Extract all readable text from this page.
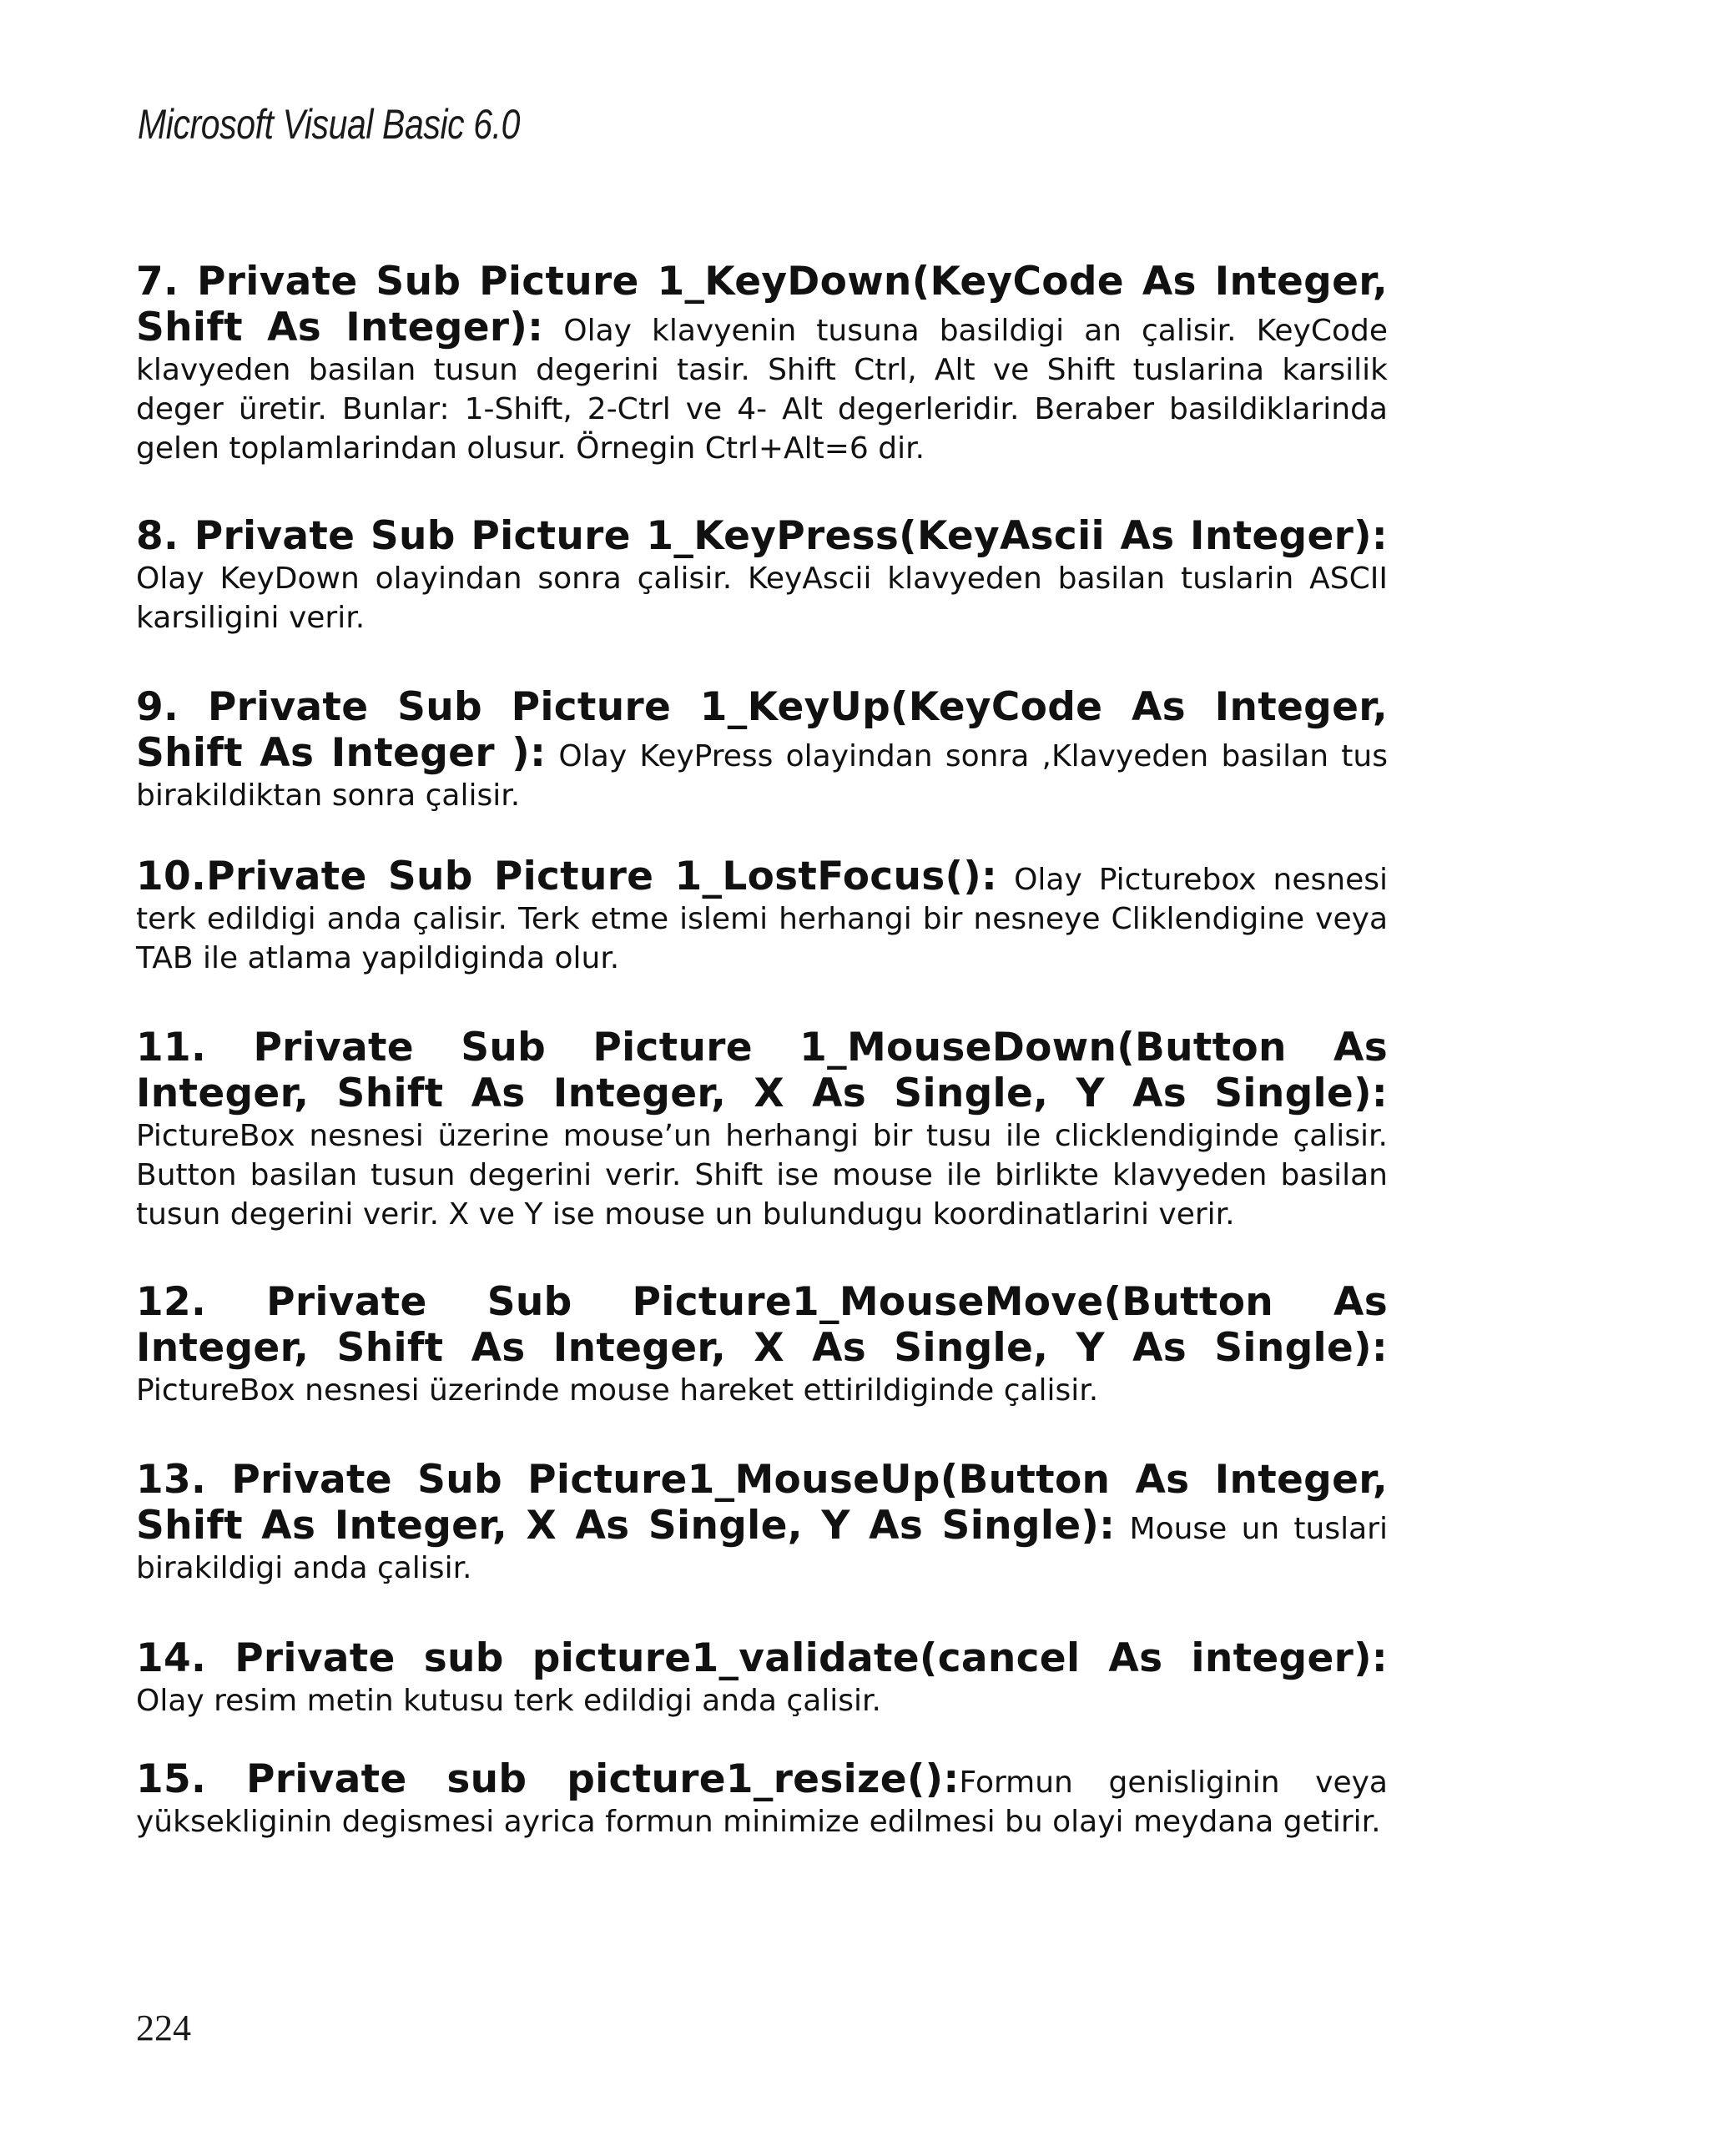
Microsoft Visual Basic 6.0

7. Private Sub Picture 1_KeyDown(KeyCode As Integer, Shift As Integer): Olay klavyenin tusuna basildigi an çalisir. KeyCode klavyeden basilan tusun degerini tasir. Shift Ctrl, Alt ve Shift tuslarina karsilik deger üretir. Bunlar: 1-Shift, 2-Ctrl ve 4- Alt degerleridir. Beraber basildiklarinda gelen toplamlarindan olusur. Örnegin Ctrl+Alt=6 dir.

8. Private Sub Picture 1_KeyPress(KeyAscii As Integer): Olay KeyDown olayindan sonra çalisir. KeyAscii klavyeden basilan tuslarin ASCII karsiligini verir.

9. Private Sub Picture 1_KeyUp(KeyCode As Integer, Shift As Integer ): Olay KeyPress olayindan sonra ,Klavyeden basilan tus birakildiktan sonra çalisir.

10.Private Sub Picture 1_LostFocus(): Olay Picturebox nesnesi terk edildigi anda çalisir. Terk etme islemi herhangi bir nesneye Cliklendigine veya TAB ile atlama yapildiginda olur.

11. Private Sub Picture 1_MouseDown(Button As Integer, Shift As Integer, X As Single, Y As Single): PictureBox nesnesi üzerine mouse’un herhangi bir tusu ile clicklendiginde çalisir. Button basilan tusun degerini verir. Shift ise mouse ile birlikte klavyeden basilan tusun degerini verir. X ve Y ise mouse un bulundugu koordinatlarini verir.

12. Private Sub Picture1_MouseMove(Button As Integer, Shift As Integer, X As Single, Y As Single): PictureBox nesnesi üzerinde mouse hareket ettirildiginde çalisir.

13. Private Sub Picture1_MouseUp(Button As Integer, Shift As Integer, X As Single, Y As Single): Mouse un tuslari birakildigi anda çalisir.

14. Private sub picture1_validate(cancel As integer): Olay resim metin kutusu terk edildigi anda çalisir.

15. Private sub picture1_resize():Formun genisliginin veya yüksekliginin degismesi ayrica formun minimize edilmesi bu olayi meydana getirir.

224
